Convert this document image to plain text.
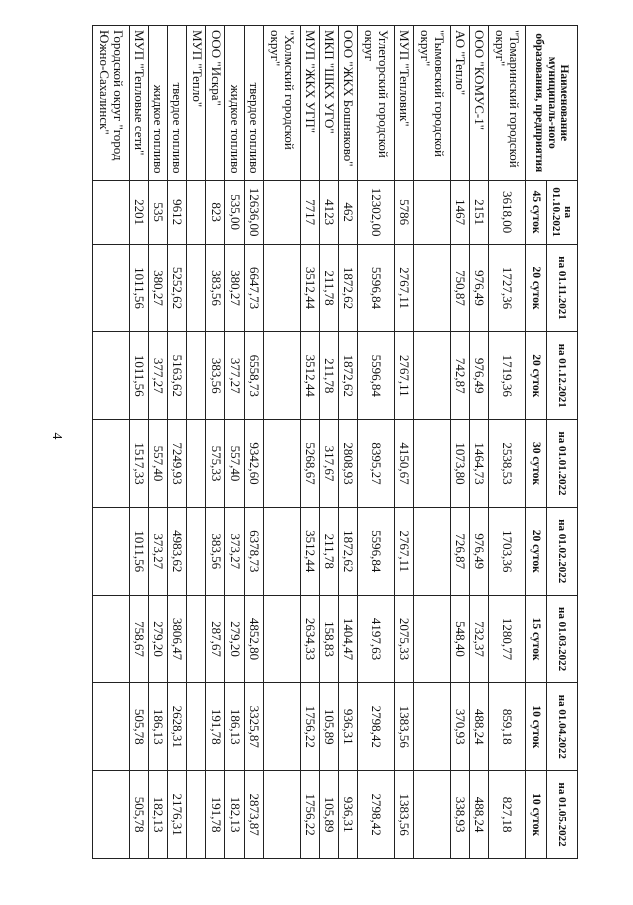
4
Наименование муниципаль-ного образования, предприятия	на 01.10.2021	на 01.11.2021	на 01.12.2021	на 01.01.2022	на 01.02.2022	на 01.03.2022	на 01.04.2022	на 01.05.2022
	45 суток	20 суток	20 суток	30 суток	20 суток	15 суток	10 суток	10 суток
"Томаринский городской округ"	3618,00	1727,36	1719,36	2538,53	1703,36	1280,77	859,18	827,18
ООО "КОМУС-1"	2151	976,49	976,49	1464,73	976,49	732,37	488,24	488,24
АО "Тепло"	1467	750,87	742,87	1073,80	726,87	548,40	370,93	338,93
"Тымовский городской округ"								
МУП "Тепловик"	5786	2767,11	2767,11	4150,67	2767,11	2075,33	1383,56	1383,56
Углегорский городской округ	12302,00	5596,84	5596,84	8395,27	5596,84	4197,63	2798,42	2798,42
ООО "ЖКХ Бошняково"	462	1872,62	1872,62	2808,93	1872,62	1404,47	936,31	936,31
МКП "ШКХ УГО"	4123	211,78	211,78	317,67	211,78	158,83	105,89	105,89
МУП "ЖКХ УГП"	7717	3512,44	3512,44	5268,67	3512,44	2634,33	1756,22	1756,22
"Холмский городской округ"								
твердое топливо	12636,00	6647,73	6558,73	9342,60	6378,73	4852,80	3325,87	2873,87
жидкое топливо	535,00	380,27	377,27	557,40	373,27	279,20	186,13	182,13
ООО "Искра"	823	383,56	383,56	575,33	383,56	287,67	191,78	191,78
МУП "Тепло"								
твердое топливо	9612	5252,62	5163,62	7249,93	4983,62	3806,47	2628,31	2176,31
жидкое топливо	535	380,27	377,27	557,40	373,27	279,20	186,13	182,13
МУП "Тепловые сети"	2201	1011,56	1011,56	1517,33	1011,56	758,67	505,78	505,78
Городской округ "город Южно-Сахалинск"								
